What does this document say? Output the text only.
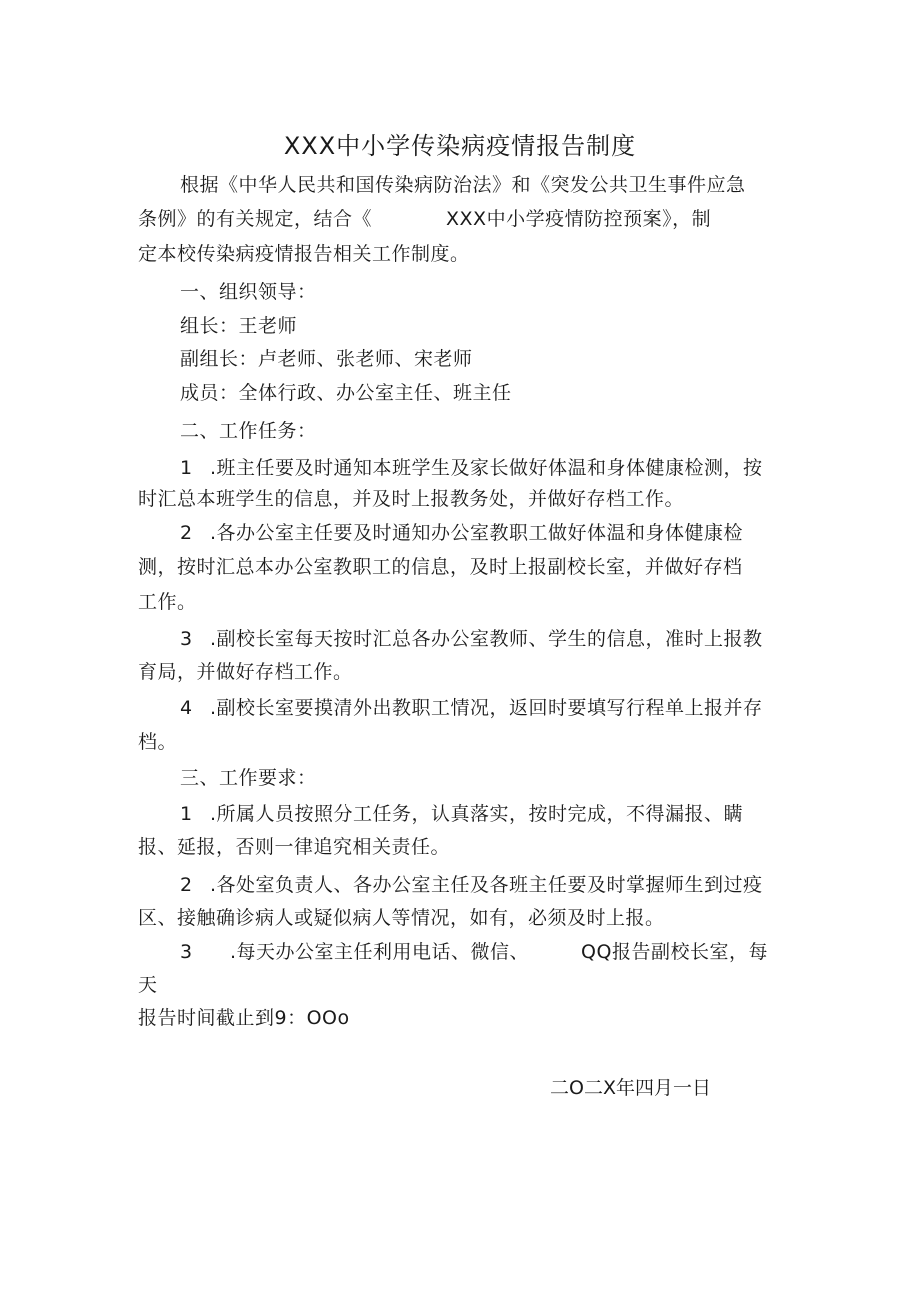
XXX中小学传染病疫情报告制度
根据《中华人民共和国传染病防治法》和《突发公共卫生事件应急
条例》的有关规定，结合《	XXX中小学疫情防控预案》，制
定本校传染病疫情报告相关工作制度。
一、组织领导：
组长：王老师
副组长：卢老师、张老师、宋老师
成员：全体行政、办公室主任、班主任
二、工作任务：
1 .班主任要及时通知本班学生及家长做好体温和身体健康检测，按
时汇总本班学生的信息，并及时上报教务处，并做好存档工作。
2 .各办公室主任要及时通知办公室教职工做好体温和身体健康检
测，按时汇总本办公室教职工的信息，及时上报副校长室，并做好存档
工作。
3 .副校长室每天按时汇总各办公室教师、学生的信息，准时上报教
育局，并做好存档工作。
4 .副校长室要摸清外出教职工情况，返回时要填写行程单上报并存
档。
三、工作要求：
1 .所属人员按照分工任务，认真落实，按时完成，不得漏报、瞒
报、延报，否则一律追究相关责任。
2 .各处室负责人、各办公室主任及各班主任要及时掌握师生到过疫
区、接触确诊病人或疑似病人等情况，如有，必须及时上报。
3 .每天办公室主任利用电话、微信、	QQ报告副校长室，每
天
报告时间截止到9：OOo
二O二X年四月一日
